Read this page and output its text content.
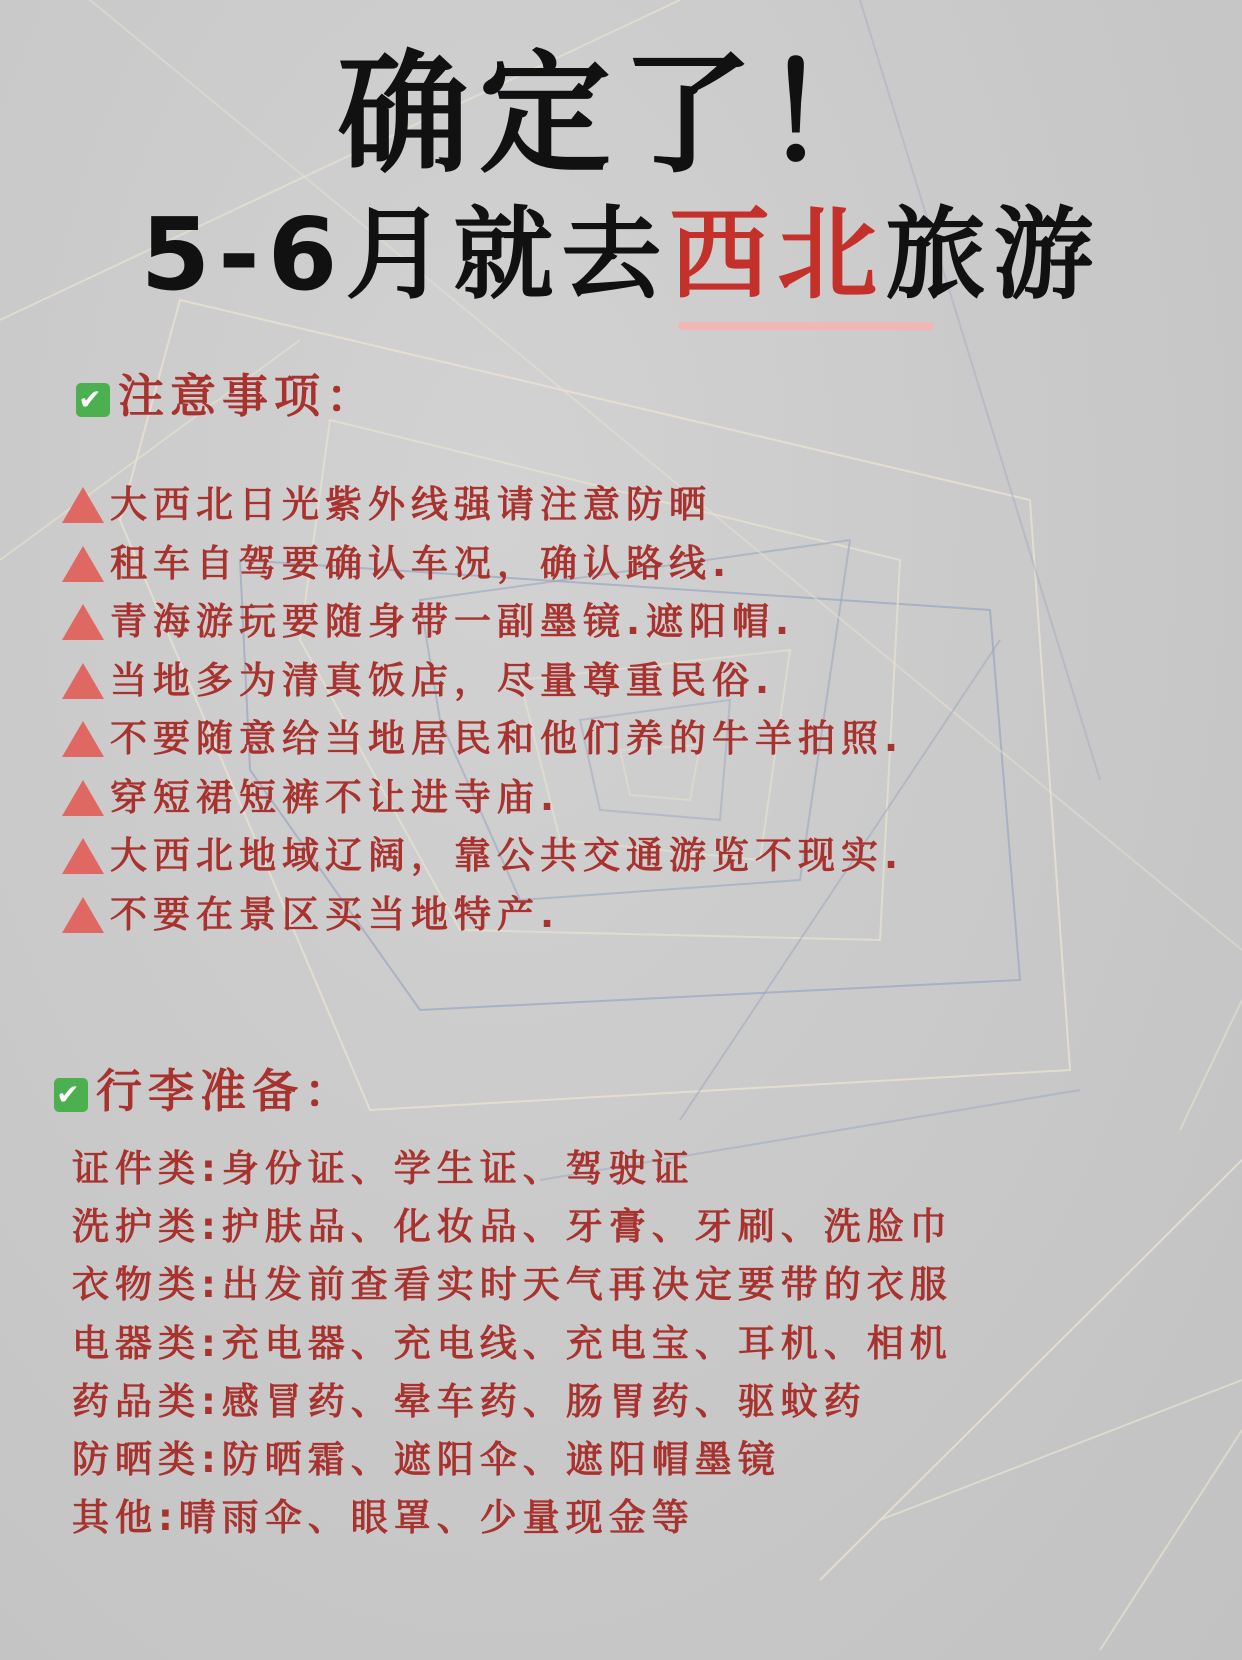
确定了！
5-6月就去西北旅游
✔ 注意事项：
大西北日光紫外线强请注意防晒
租车自驾要确认车况，确认路线.
青海游玩要随身带一副墨镜.遮阳帽.
当地多为清真饭店，尽量尊重民俗.
不要随意给当地居民和他们养的牛羊拍照.
穿短裙短裤不让进寺庙.
大西北地域辽阔，靠公共交通游览不现实.
不要在景区买当地特产.
✔ 行李准备：
证件类:身份证、学生证、驾驶证
洗护类:护肤品、化妆品、牙膏、牙刷、洗脸巾
衣物类:出发前查看实时天气再决定要带的衣服
电器类:充电器、充电线、充电宝、耳机、相机
药品类:感冒药、晕车药、肠胃药、驱蚊药
防晒类:防晒霜、遮阳伞、遮阳帽墨镜
其他:晴雨伞、眼罩、少量现金等
